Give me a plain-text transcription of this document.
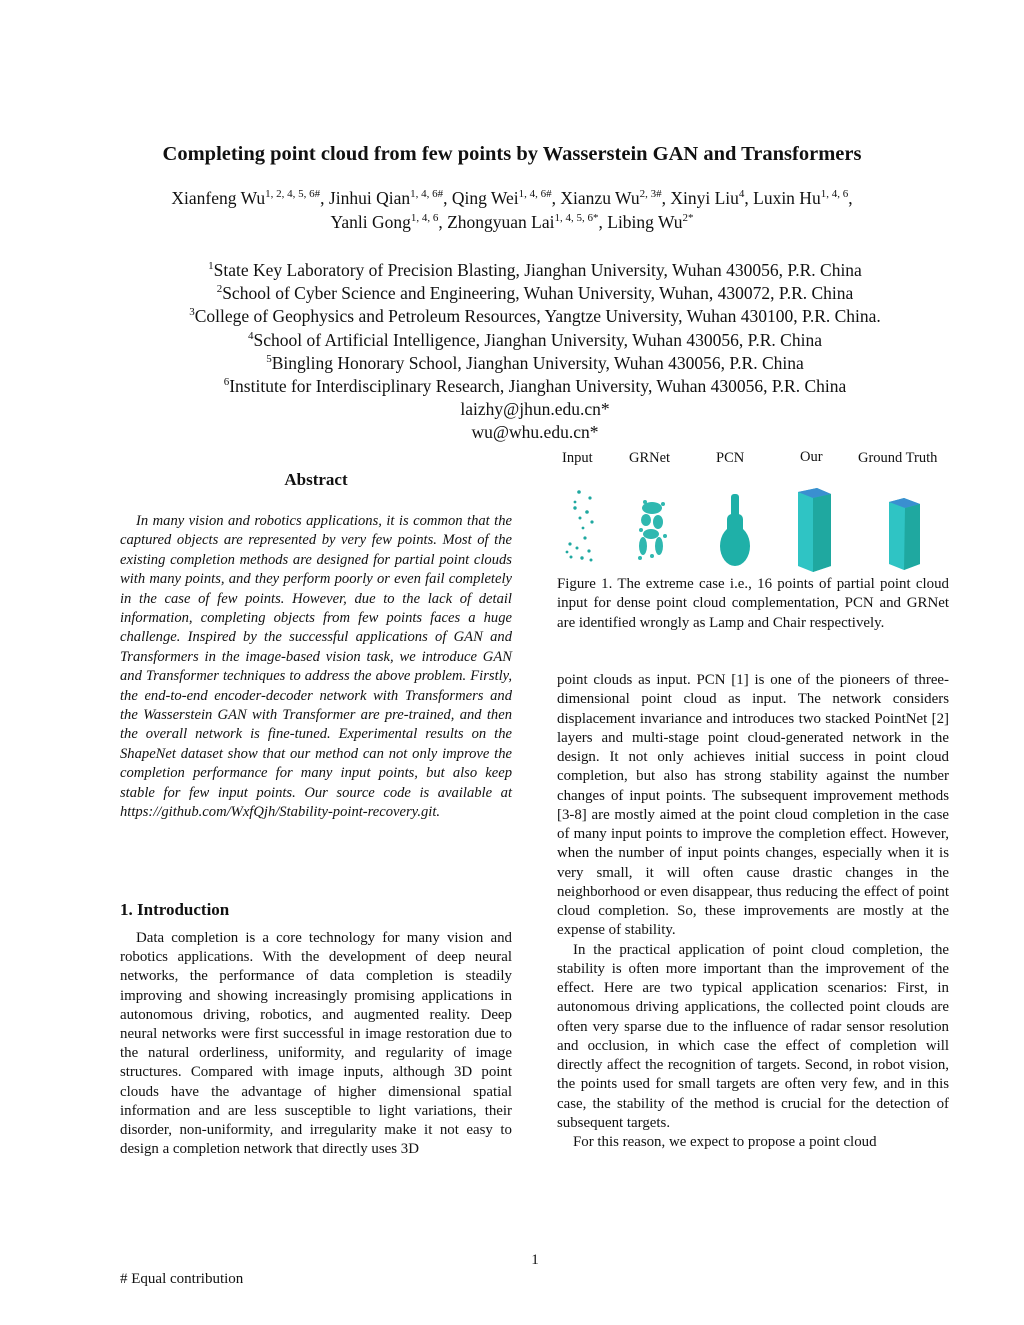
Completing point cloud from few points by Wasserstein GAN and Transformers
Xianfeng $Wu^{1, 2, 4, 5, 6\#}$, Jinhui Qian$^{1, 4, 6\#}$, Qing Wei$^{1, 4, 6\#}$, Xianzu $Wu^{2, 3\#}$, Xinyi Liu$^4$, Luxin Hu$^{1, 4, 6}$,
Yanli Gong$^{1, 4, 6}$, Zhongyuan Lai$^{1, 4, 5, 6*}$, Libing $Wu^{2*}$
$^1$State Key Laboratory of Precision Blasting, Jianghan University, Wuhan 430056, P.R. China
$^2$School of Cyber Science and Engineering, Wuhan University, Wuhan, 430072, P.R. China
$^3$College of Geophysics and Petroleum Resources, Yangtze University, Wuhan 430100, P.R. China.
$^4$School of Artificial Intelligence, Jianghan University, Wuhan 430056, P.R. China
$^5$Bingling Honorary School, Jianghan University, Wuhan 430056, P.R. China
$^6$Institute for Interdisciplinary Research, Jianghan University, Wuhan 430056, P.R. China
laizhy@jhun.edu.cn*
wu@whu.edu.cn*
Abstract
In many vision and robotics applications, it is common that the captured objects are represented by very few points. Most of the existing completion methods are designed for partial point clouds with many points, and they perform poorly or even fail completely in the case of few points. However, due to the lack of detail information, completing objects from few points faces a huge challenge. Inspired by the successful applications of GAN and Transformers in the image-based vision task, we introduce GAN and Transformer techniques to address the above problem. Firstly, the end-to-end encoder-decoder network with Transformers and the Wasserstein GAN with Transformer are pre-trained, and then the overall network is fine-tuned. Experimental results on the ShapeNet dataset show that our method can not only improve the completion performance for many input points, but also keep stable for few input points. Our source code is available at https://github.com/WxfQjh/Stability-point-recovery.git.
1. Introduction
Data completion is a core technology for many vision and robotics applications. With the development of deep neural networks, the performance of data completion is steadily improving and showing increasingly promising applications in autonomous driving, robotics, and augmented reality. Deep neural networks were first successful in image restoration due to the natural orderliness, uniformity, and regularity of image structures. Compared with image inputs, although 3D point clouds have the advantage of higher dimensional spatial information and are less susceptible to light variations, their disorder, non-uniformity, and irregularity make it not easy to design a completion network that directly uses 3D
Input	GRNet	PCN	Our Ground Truth
Figure 1. The extreme case i.e., 16 points of partial point cloud input for dense point cloud complementation, PCN and GRNet are identified wrongly as Lamp and Chair respectively.

point clouds as input. PCN [1] is one of the pioneers of three-dimensional point cloud as input. The network considers displacement invariance and introduces two stacked PointNet [2] layers and multi-stage point cloud-generated network in the design. It not only achieves initial success in point cloud completion, but also has strong stability against the number changes of input points. The subsequent improvement methods [3-8] are mostly aimed at the point cloud completion in the case of many input points to improve the completion effect. However, when the number of input points changes, especially when it is very small, it will often cause drastic changes in the neighborhood or even disappear, thus reducing the effect of point cloud completion. So, these improvements are mostly at the expense of stability.

In the practical application of point cloud completion, the stability is often more important than the improvement of the effect. Here are two typical application scenarios: First, in autonomous driving applications, the collected point clouds are often very sparse due to the influence of radar sensor resolution and occlusion, in which case the effect of completion will directly affect the recognition of targets. Second, in robot vision, the points used for small targets are often very few, and in this case, the stability of the method is crucial for the detection of subsequent targets.

For this reason, we expect to propose a point cloud

1
# Equal contribution
